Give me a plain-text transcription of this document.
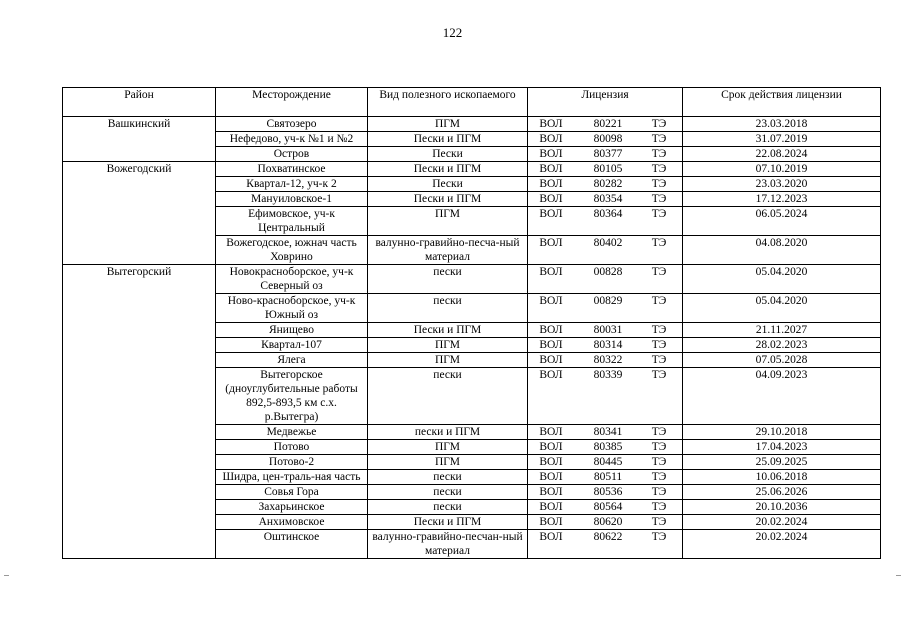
122
Район	Месторождение	Вид полезного ископаемого	Лицензия	Срок действия лицензии
Вашкинский	Святозеро	ПГМ	ВОЛ 80221 ТЭ	23.03.2018
	Нефедово, уч-к №1 и №2	Пески и ПГМ	ВОЛ 80098 ТЭ	31.07.2019
	Остров	Пески	ВОЛ 80377 ТЭ	22.08.2024
Вожегодский	Похватинское	Пески и ПГМ	ВОЛ 80105 ТЭ	07.10.2019
	Квартал-12, уч-к 2	Пески	ВОЛ 80282 ТЭ	23.03.2020
	Мануиловское-1	Пески и ПГМ	ВОЛ 80354 ТЭ	17.12.2023
	Ефимовское, уч-к Центральный	ПГМ	ВОЛ 80364 ТЭ	06.05.2024
	Вожегодское, южнач часть Ховрино	валунно-гравийно-песча-ный материал	ВОЛ 80402 ТЭ	04.08.2020
Вытегорский	Новокрасноборское, уч-к Северный оз	пески	ВОЛ 00828 ТЭ	05.04.2020
	Ново-красноборское, уч-к Южный оз	пески	ВОЛ 00829 ТЭ	05.04.2020
	Янищево	Пески и ПГМ	ВОЛ 80031 ТЭ	21.11.2027
	Квартал-107	ПГМ	ВОЛ 80314 ТЭ	28.02.2023
	Ялега	ПГМ	ВОЛ 80322 ТЭ	07.05.2028
	Вытегорское (дноуглубительные работы 892,5-893,5 км с.х. р.Вытегра)	пески	ВОЛ 80339 ТЭ	04.09.2023
	Медвежье	пески и ПГМ	ВОЛ 80341 ТЭ	29.10.2018
	Потово	ПГМ	ВОЛ 80385 ТЭ	17.04.2023
	Потово-2	ПГМ	ВОЛ 80445 ТЭ	25.09.2025
	Шидра, цен-траль-ная часть	пески	ВОЛ 80511 ТЭ	10.06.2018
	Совья Гора	пески	ВОЛ 80536 ТЭ	25.06.2026
	Захарьинское	пески	ВОЛ 80564 ТЭ	20.10.2036
	Анхимовское	Пески и ПГМ	ВОЛ 80620 ТЭ	20.02.2024
	Оштинское	валунно-гравийно-песчан-ный материал	ВОЛ 80622 ТЭ	20.02.2024
